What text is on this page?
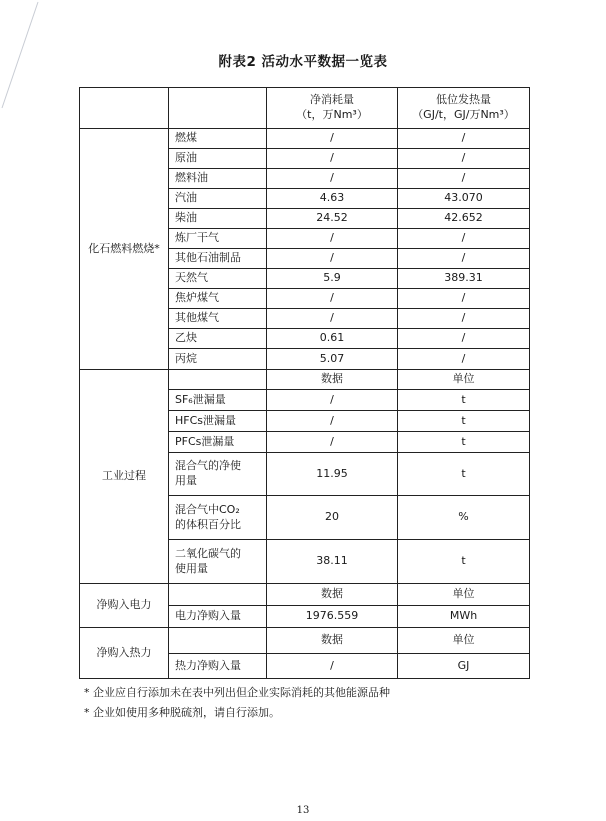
附表2 活动水平数据一览表

		净消耗量
（t，万Nm³）	低位发热量
（GJ/t，GJ/万Nm³）

化石燃料燃烧*	燃煤	/	/
	原油	/	/
	燃料油	/	/
	汽油	4.63	43.070
	柴油	24.52	42.652
	炼厂干气	/	/
	其他石油制品	/	/
	天然气	5.9	389.31
	焦炉煤气	/	/
	其他煤气	/	/
	乙炔	0.61	/
	丙烷	5.07	/
工业过程		数据	单位
	SF₆泄漏量	/	t
	HFCs泄漏量	/	t
	PFCs泄漏量	/	t

	混合气的净使
用量	11.95	t

	混合气中CO₂
的体积百分比	20	%

	二氧化碳气的
使用量	38.11	t
净购入电力		数据	单位
	电力净购入量	1976.559	MWh
净购入热力		数据	单位
	热力净购入量	/	GJ
* 企业应自行添加未在表中列出但企业实际消耗的其他能源品种
* 企业如使用多种脱硫剂，请自行添加。
13
